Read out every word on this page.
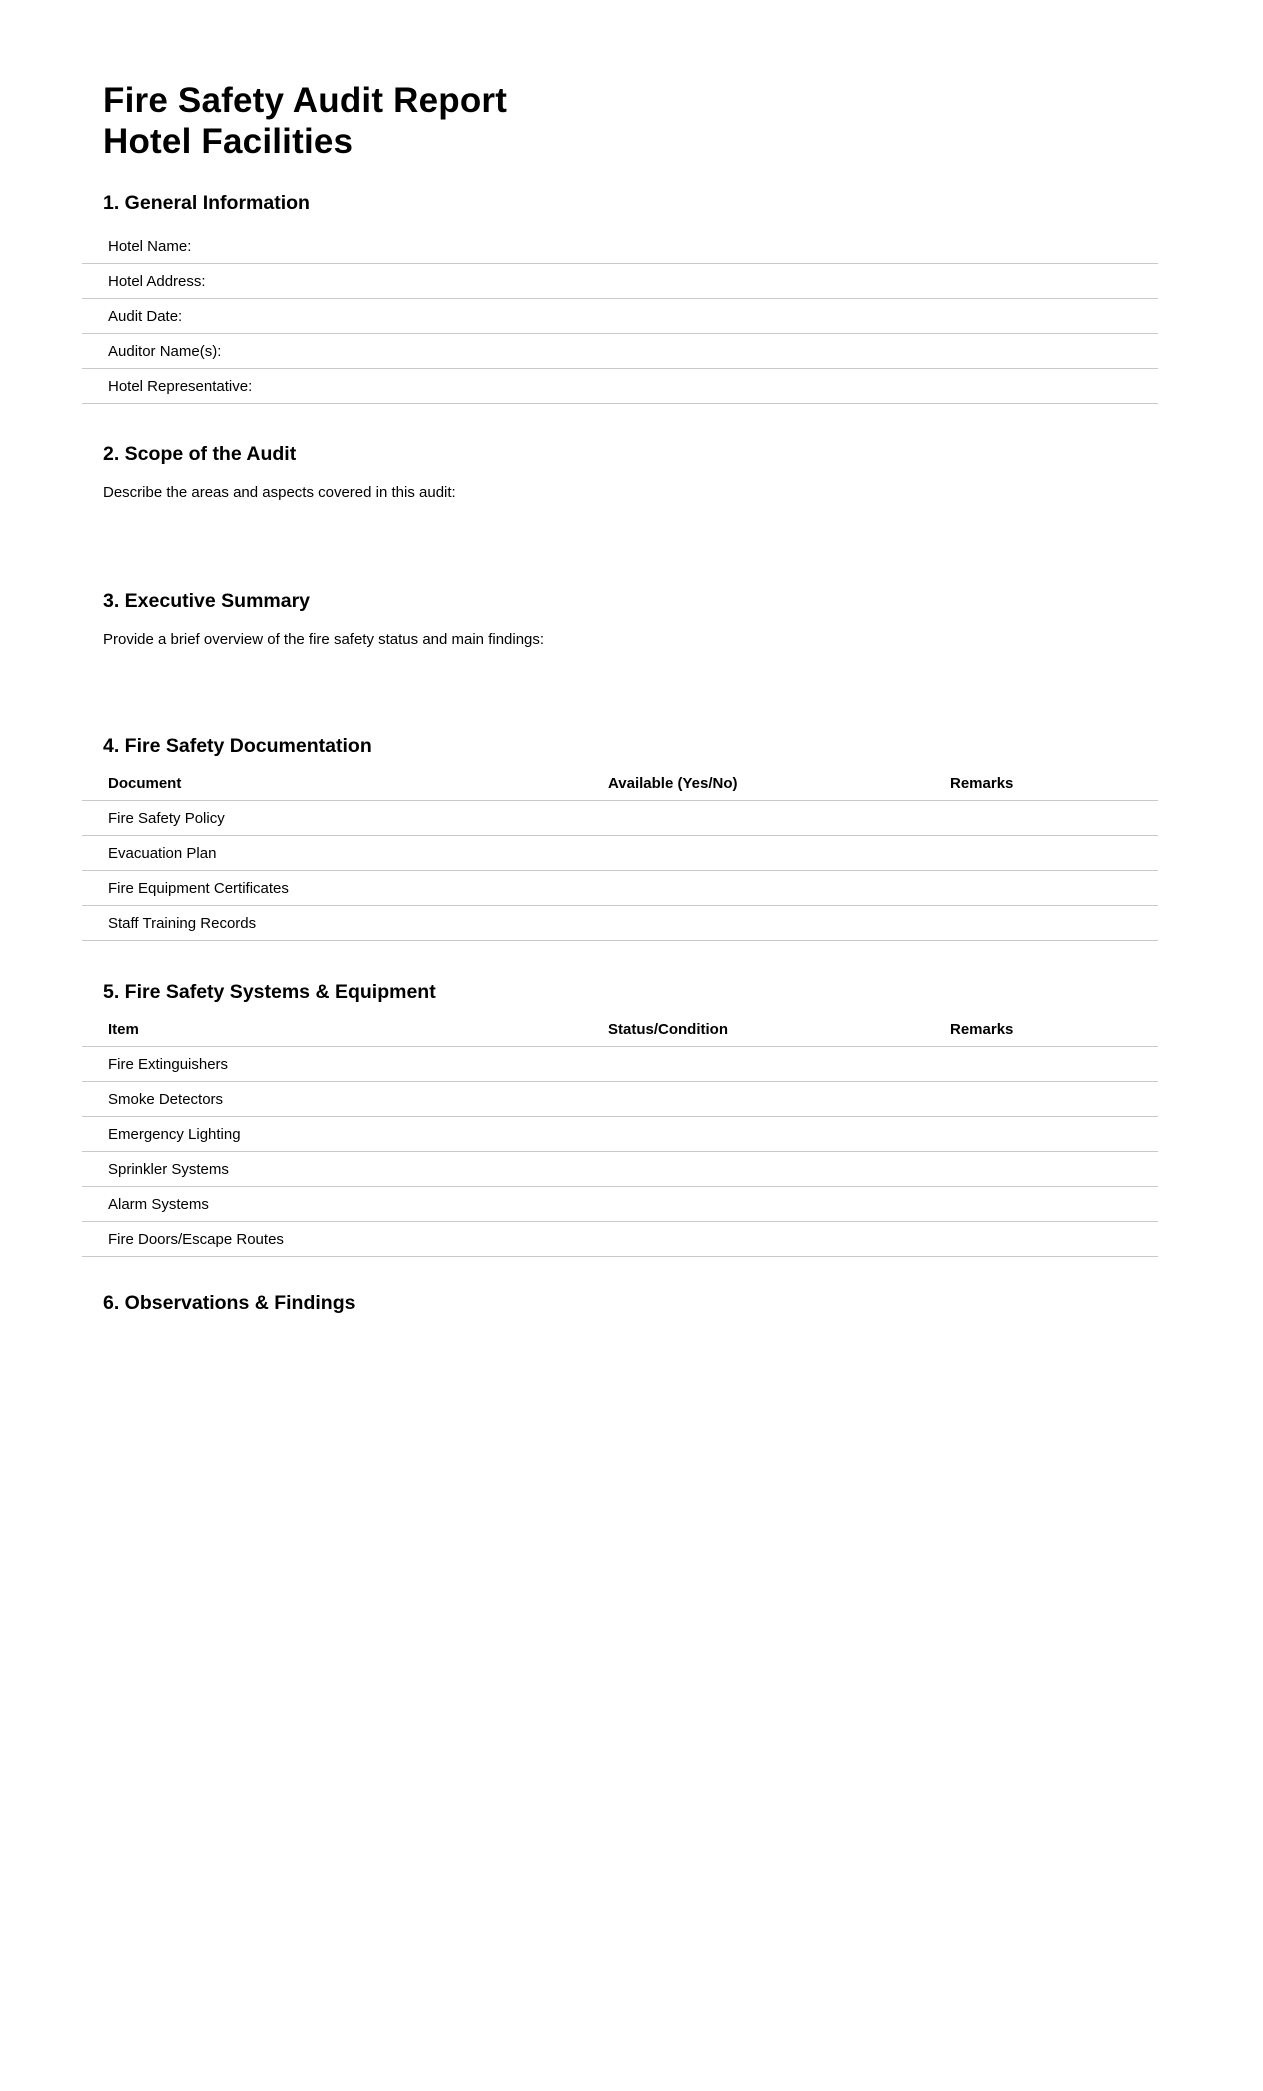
Fire Safety Audit Report
Hotel Facilities
1. General Information
Hotel Name:
Hotel Address:
Audit Date:
Auditor Name(s):
Hotel Representative:
2. Scope of the Audit

Describe the areas and aspects covered in this audit:

3. Executive Summary

Provide a brief overview of the fire safety status and main findings:

4. Fire Safety Documentation
Document	Available (Yes/No)	Remarks
Fire Safety Policy		
Evacuation Plan		
Fire Equipment Certificates		
Staff Training Records		
5. Fire Safety Systems & Equipment
Item	Status/Condition	Remarks
Fire Extinguishers		
Smoke Detectors		
Emergency Lighting		
Sprinkler Systems		
Alarm Systems		
Fire Doors/Escape Routes		
6. Observations & Findings
